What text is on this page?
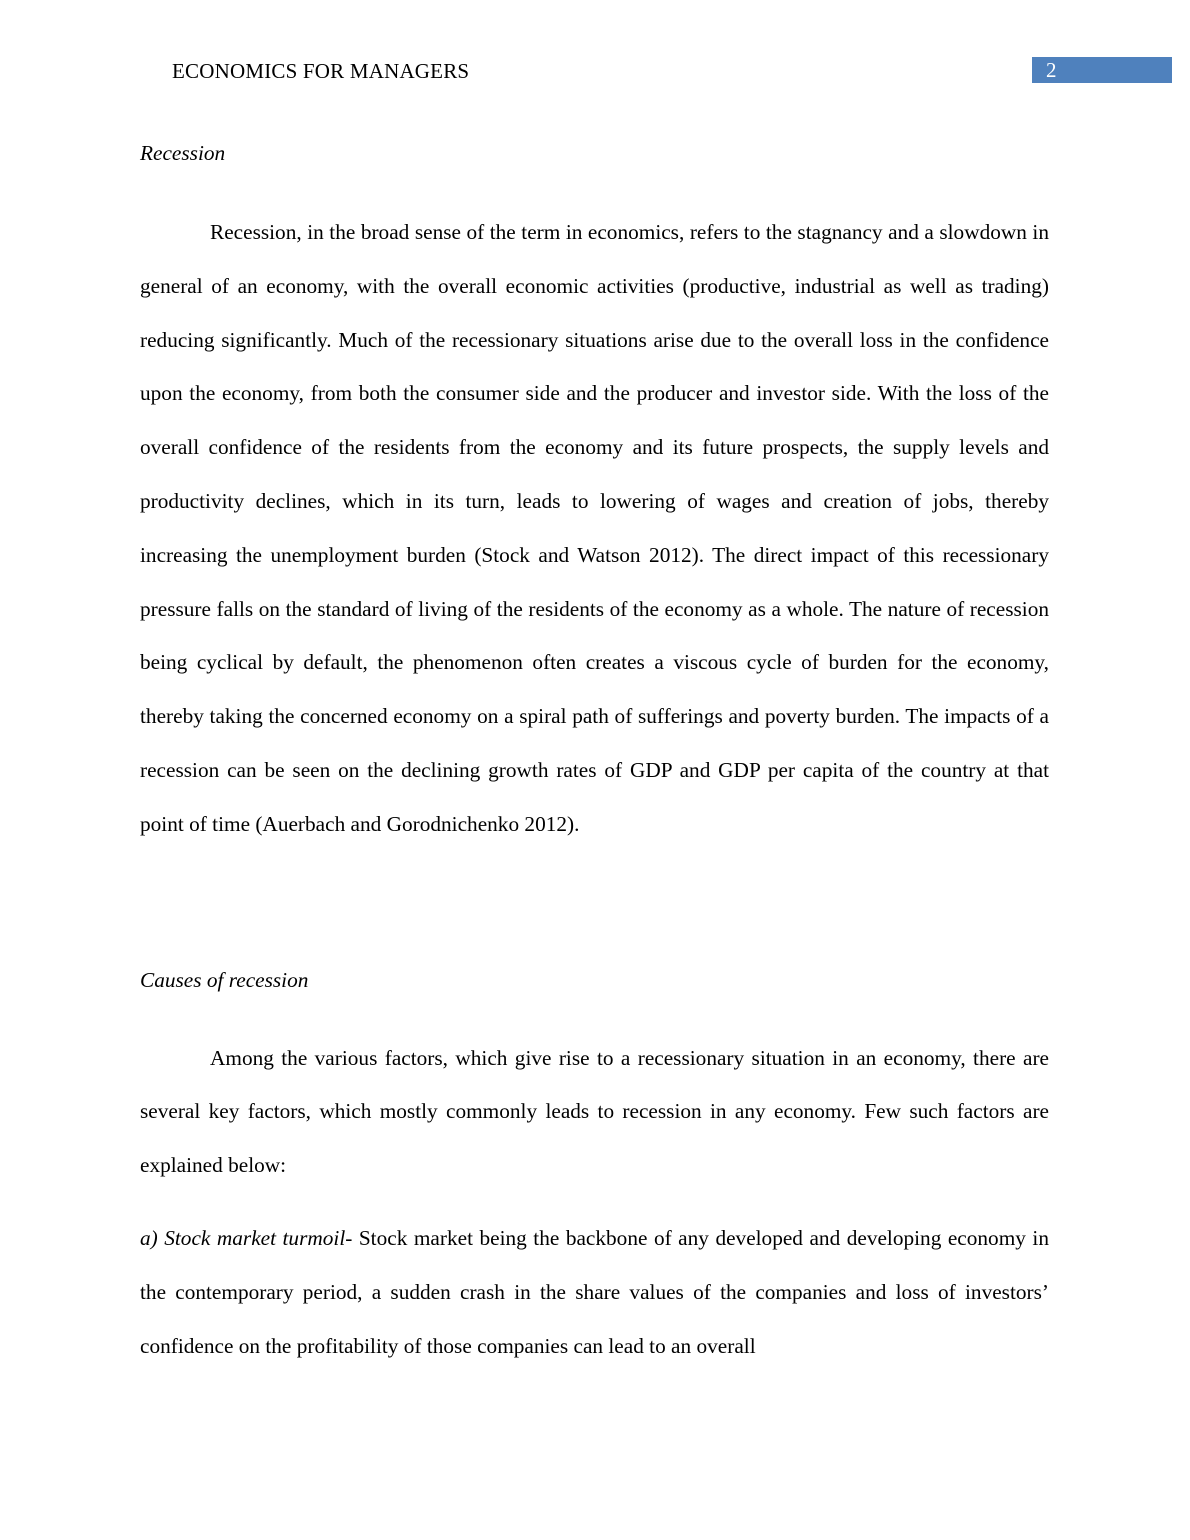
ECONOMICS FOR MANAGERS	2

Recession

Recession, in the broad sense of the term in economics, refers to the stagnancy and a slowdown in general of an economy, with the overall economic activities (productive, industrial as well as trading) reducing significantly. Much of the recessionary situations arise due to the overall loss in the confidence upon the economy, from both the consumer side and the producer and investor side. With the loss of the overall confidence of the residents from the economy and its future prospects, the supply levels and productivity declines, which in its turn, leads to lowering of wages and creation of jobs, thereby increasing the unemployment burden (Stock and Watson 2012). The direct impact of this recessionary pressure falls on the standard of living of the residents of the economy as a whole. The nature of recession being cyclical by default, the phenomenon often creates a viscous cycle of burden for the economy, thereby taking the concerned economy on a spiral path of sufferings and poverty burden. The impacts of a recession can be seen on the declining growth rates of GDP and GDP per capita of the country at that point of time (Auerbach and Gorodnichenko 2012).

Causes of recession

Among the various factors, which give rise to a recessionary situation in an economy, there are several key factors, which mostly commonly leads to recession in any economy. Few such factors are explained below:

a) Stock market turmoil- Stock market being the backbone of any developed and developing economy in the contemporary period, a sudden crash in the share values of the companies and loss of investors’ confidence on the profitability of those companies can lead to an overall
